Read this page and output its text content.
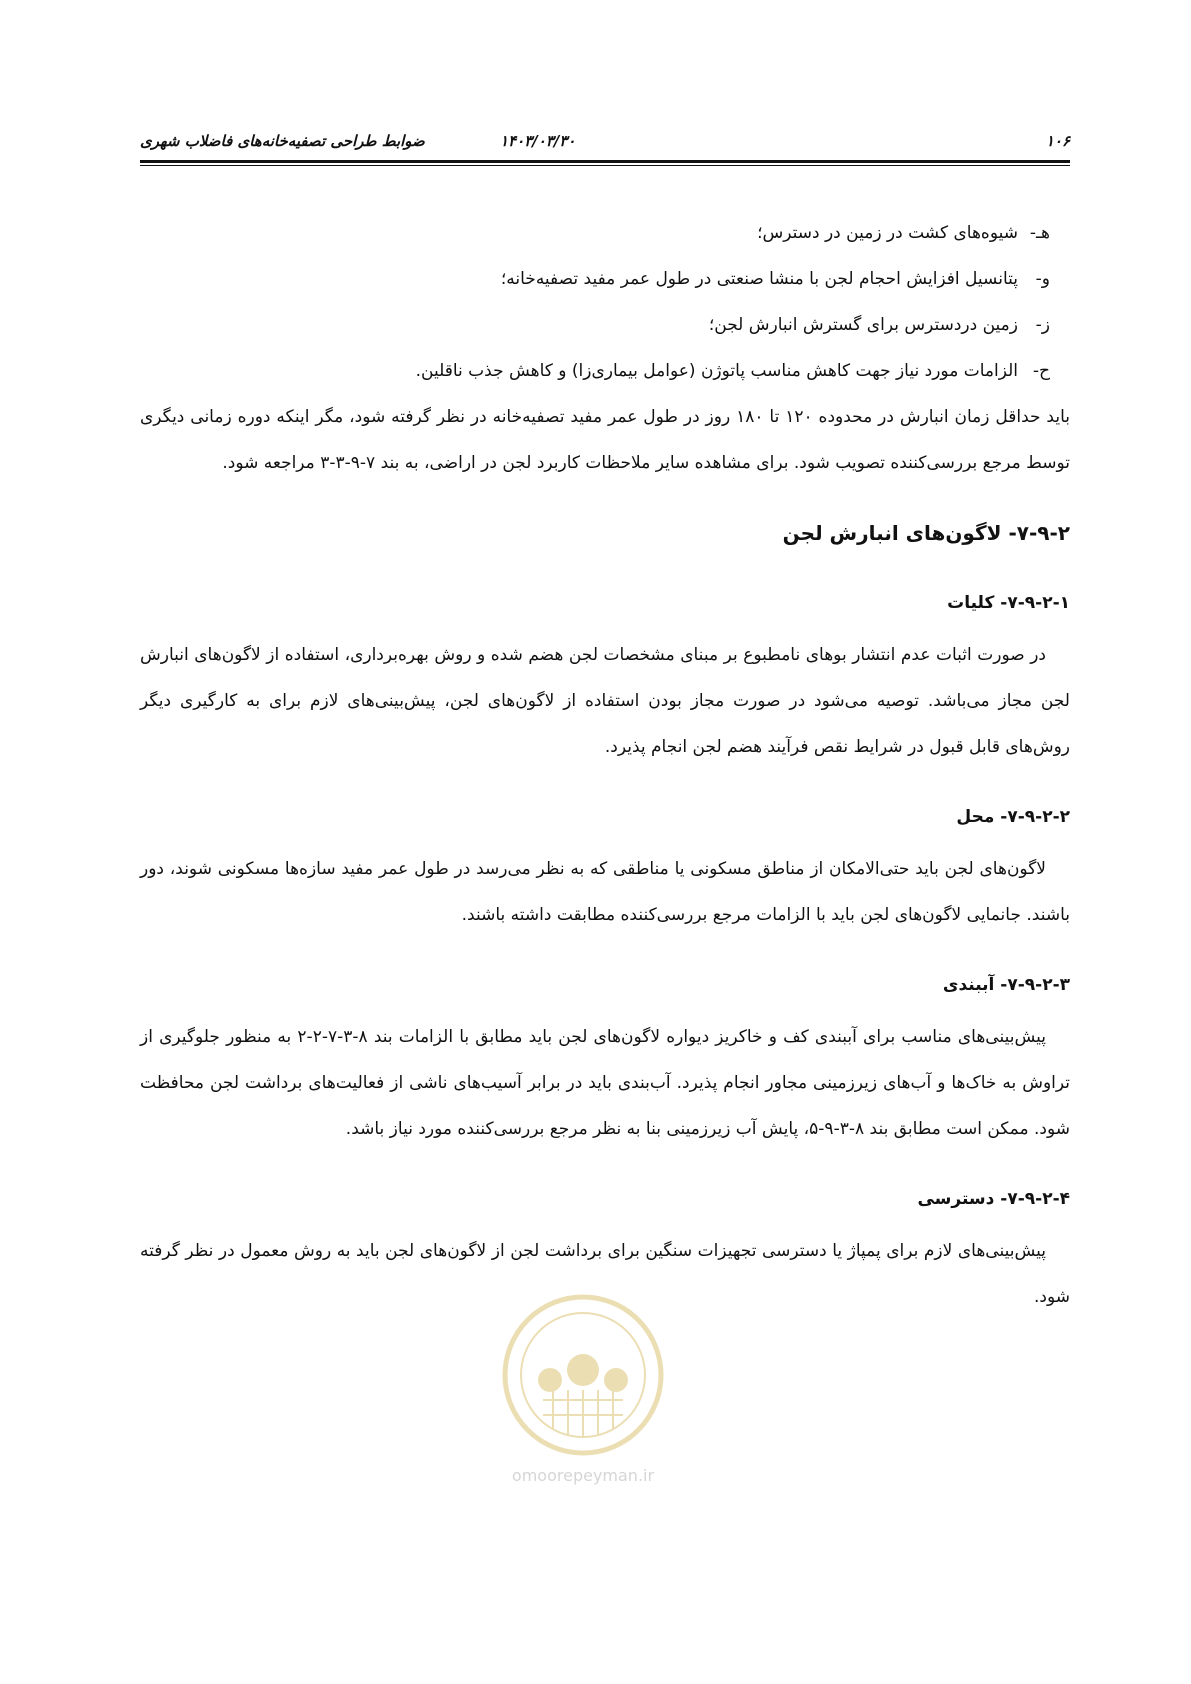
۱۰۶
۱۴۰۳/۰۳/۳۰
ضوابط طراحی تصفیه‌خانه‌های فاضلاب شهری
هـ-شیوه‌های کشت در زمین در دسترس؛
و-پتانسیل افزایش احجام لجن با منشا صنعتی در طول عمر مفید تصفیه‌خانه؛
ز-زمین دردسترس برای گسترش انبارش لجن؛
ح-الزامات مورد نیاز جهت کاهش مناسب پاتوژن (عوامل بیماری‌زا) و کاهش جذب ناقلین.

باید حداقل زمان انبارش در محدوده ۱۲۰ تا ۱۸۰ روز در طول عمر مفید تصفیه‌خانه در نظر گرفته شود، مگر اینکه دوره زمانی دیگری توسط مرجع بررسی‌کننده تصویب شود. برای مشاهده سایر ملاحظات کاربرد لجن در اراضی، به بند ۷-۹-۳-۳ مراجعه شود.

۷-۹-۲- لاگون‌های انبارش لجن
۷-۹-۲-۱- کلیات

در صورت اثبات عدم انتشار بوهای نامطبوع بر مبنای مشخصات لجن هضم شده و روش بهره‌برداری، استفاده از لاگون‌های انبارش لجن مجاز می‌باشد. توصیه می‌شود در صورت مجاز بودن استفاده از لاگون‌های لجن، پیش‌بینی‌های لازم برای به کارگیری دیگر روش‌های قابل قبول در شرایط نقص فرآیند هضم لجن انجام پذیرد.

۷-۹-۲-۲- محل

لاگون‌های لجن باید حتی‌الامکان از مناطق مسکونی یا مناطقی که به نظر می‌رسد در طول عمر مفید سازه‌ها مسکونی شوند، دور باشند. جانمایی لاگون‌های لجن باید با الزامات مرجع بررسی‌کننده مطابقت داشته باشند.

۷-۹-۲-۳- آببندی

پیش‌بینی‌های مناسب برای آببندی کف و خاکریز دیواره لاگون‌های لجن باید مطابق با الزامات بند ۸-۳-۷-۲-۲ به منظور جلوگیری از تراوش به خاک‌ها و آب‌های زیرزمینی مجاور انجام پذیرد. آب‌بندی باید در برابر آسیب‌های ناشی از فعالیت‌های برداشت لجن محافظت شود. ممکن است مطابق بند ۸-۳-۹-۵، پایش آب زیرزمینی بنا به نظر مرجع بررسی‌کننده مورد نیاز باشد.

۷-۹-۲-۴- دسترسی

پیش‌بینی‌های لازم برای پمپاژ یا دسترسی تجهیزات سنگین برای برداشت لجن از لاگون‌های لجن باید به روش معمول در نظر گرفته شود.

omoorepeyman.ir
